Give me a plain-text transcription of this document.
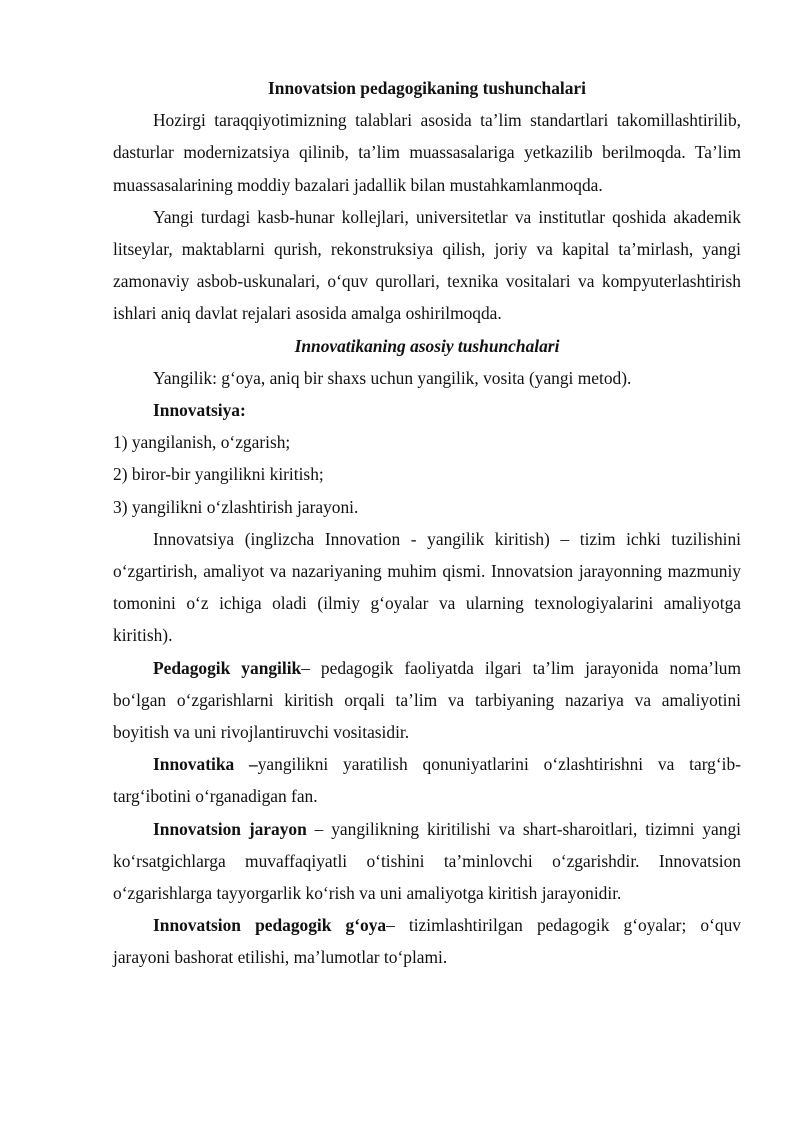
Innovatsion pedagogikaning tushunchalari

Hozirgi taraqqiyotimizning talablari asosida ta’lim standartlari takomillashtirilib, dasturlar modernizatsiya qilinib, ta’lim muassasalariga yetkazilib berilmoqda. Ta’lim muassasalarining moddiy bazalari jadallik bilan mustahkamlanmoqda.

Yangi turdagi kasb-hunar kollejlari, universitetlar va institutlar qoshida akademik litseylar, maktablarni qurish, rekonstruksiya qilish, joriy va kapital ta’mirlash, yangi zamonaviy asbob-uskunalari, o‘quv qurollari, texnika vositalari va kompyuterlashtirish ishlari aniq davlat rejalari asosida amalga oshirilmoqda.

Innovatikaning asosiy tushunchalari

Yangilik: g‘oya, aniq bir shaxs uchun yangilik, vosita (yangi metod).

Innovatsiya:

1) yangilanish, o‘zgarish;

2) biror-bir yangilikni kiritish;

3) yangilikni o‘zlashtirish jarayoni.

Innovatsiya (inglizcha Innovation - yangilik kiritish) – tizim ichki tuzilishini o‘zgartirish, amaliyot va nazariyaning muhim qismi. Innovatsion jarayonning mazmuniy tomonini o‘z ichiga oladi (ilmiy g‘oyalar va ularning texnologiyalarini amaliyotga kiritish).

Pedagogik yangilik– pedagogik faoliyatda ilgari ta’lim jarayonida noma’lum bo‘lgan o‘zgarishlarni kiritish orqali ta’lim va tarbiyaning nazariya va amaliyotini boyitish va uni rivojlantiruvchi vositasidir.

Innovatika –yangilikni yaratilish qonuniyatlarini o‘zlashtirishni va targ‘ib-targ‘ibotini o‘rganadigan fan.

Innovatsion jarayon – yangilikning kiritilishi va shart-sharoitlari, tizimni yangi ko‘rsatgichlarga muvaffaqiyatli o‘tishini ta’minlovchi o‘zgarishdir. Innovatsion o‘zgarishlarga tayyorgarlik ko‘rish va uni amaliyotga kiritish jarayonidir.

Innovatsion pedagogik g‘oya– tizimlashtirilgan pedagogik g‘oyalar; o‘quv jarayoni bashorat etilishi, ma’lumotlar to‘plami.
